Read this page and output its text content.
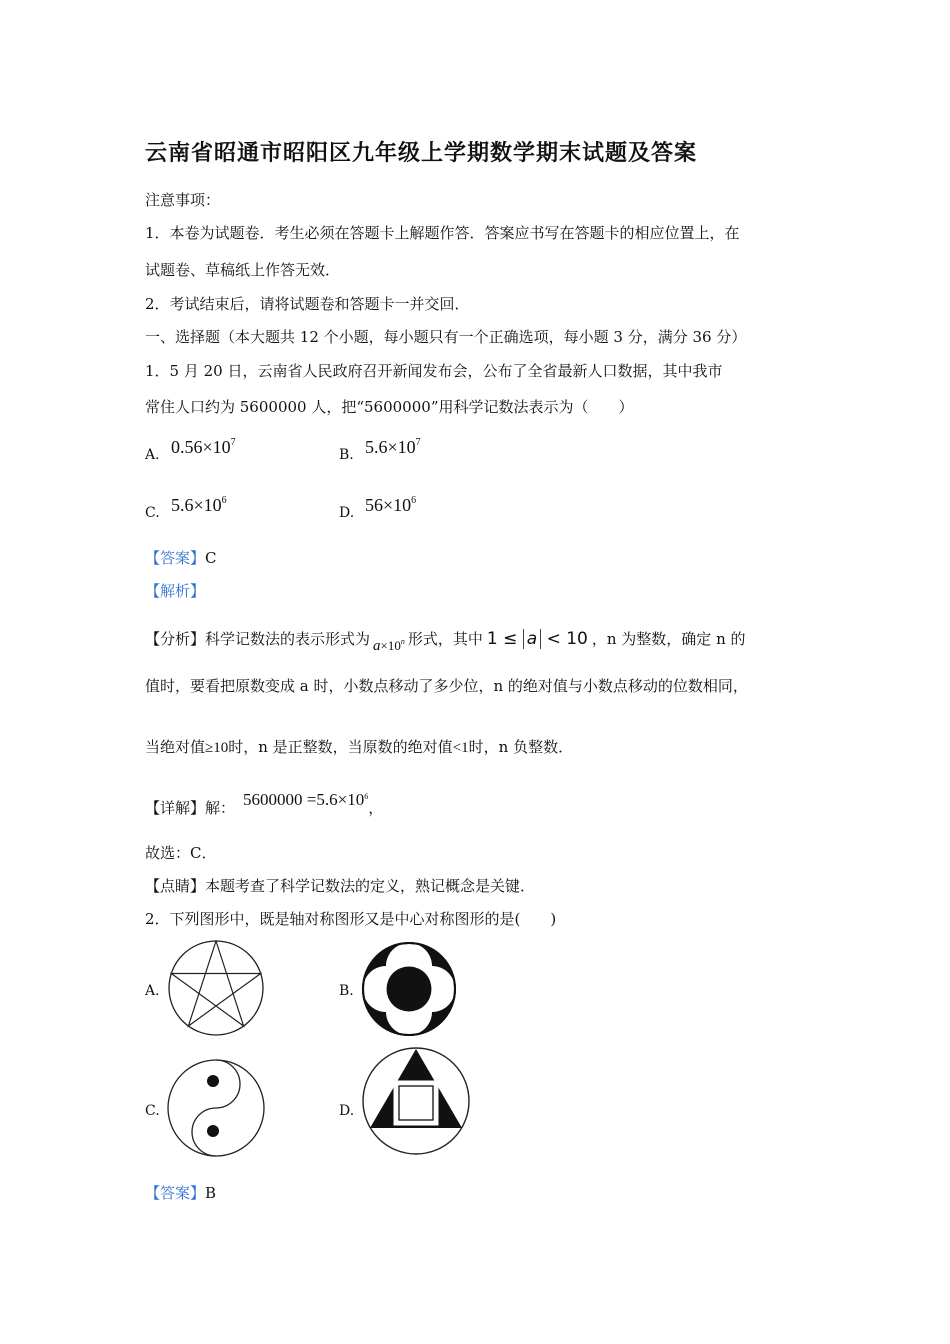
云南省昭通市昭阳区九年级上学期数学期末试题及答案
注意事项：
1．本卷为试题卷．考生必须在答题卡上解题作答．答案应书写在答题卡的相应位置上，在
试题卷、草稿纸上作答无效．
2．考试结束后，请将试题卷和答题卡一并交回．
一、选择题（本大题共 12 个小题，每小题只有一个正确选项，每小题 3 分，满分 36 分）
1．5 月 20 日，云南省人民政府召开新闻发布会，公布了全省最新人口数据，其中我市
常住人口约为 5600000 人，把“5600000”用科学记数法表示为（　　）
A. $0.56\times 10^7$
B. $5.6\times 10^7$
C. $5.6\times 10^6$
D. $56\times 10^6$
【答案】C
【解析】
【分析】科学记数法的表示形式为 $a\times 10^n$ 形式，其中 1 ≤ a < 10 ，n 为整数，确定 n 的
值时，要看把原数变成 a 时，小数点移动了多少位，n 的绝对值与小数点移动的位数相同，
当绝对值≥10时，n 是正整数，当原数的绝对值<1时，n 负整数．
【详解】解： $5600000 =5.6\times 10^6$，
故选：C．
【点睛】本题考查了科学记数法的定义，熟记概念是关键．
2．下列图形中，既是轴对称图形又是中心对称图形的是(　　)
A.	B.
C.	D.
【答案】B
